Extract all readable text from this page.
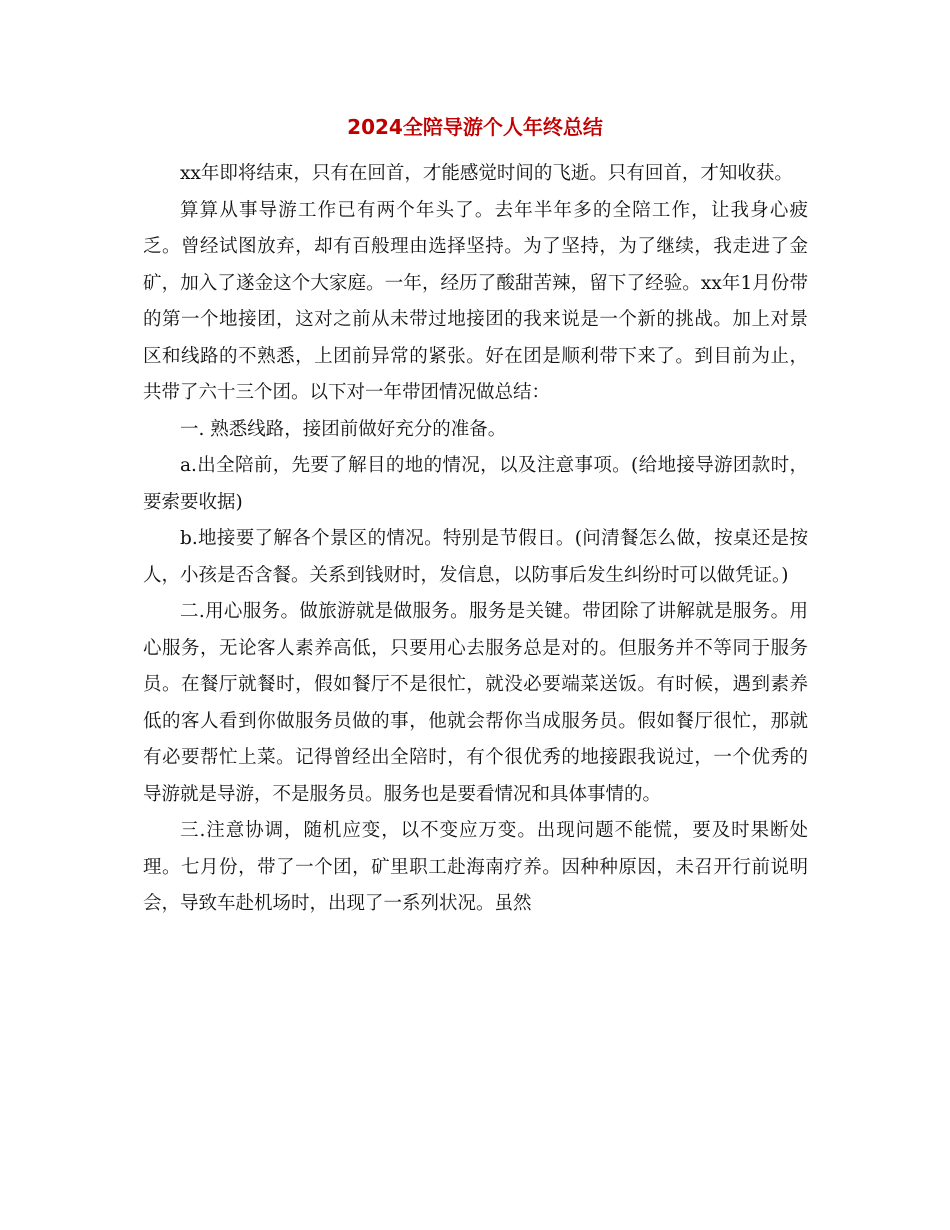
2024全陪导游个人年终总结

xx年即将结束，只有在回首，才能感觉时间的飞逝。只有回首，才知收获。

算算从事导游工作已有两个年头了。去年半年多的全陪工作，让我身心疲乏。曾经试图放弃，却有百般理由选择坚持。为了坚持，为了继续，我走进了金矿，加入了遂金这个大家庭。一年，经历了酸甜苦辣，留下了经验。xx年1月份带的第一个地接团，这对之前从未带过地接团的我来说是一个新的挑战。加上对景区和线路的不熟悉，上团前异常的紧张。好在团是顺利带下来了。到目前为止，共带了六十三个团。以下对一年带团情况做总结：

一. 熟悉线路，接团前做好充分的准备。

a.出全陪前，先要了解目的地的情况，以及注意事项。(给地接导游团款时，要索要收据)

b.地接要了解各个景区的情况。特别是节假日。(问清餐怎么做，按桌还是按人，小孩是否含餐。关系到钱财时，发信息，以防事后发生纠纷时可以做凭证。)

二.用心服务。做旅游就是做服务。服务是关键。带团除了讲解就是服务。用心服务，无论客人素养高低，只要用心去服务总是对的。但服务并不等同于服务员。在餐厅就餐时，假如餐厅不是很忙，就没必要端菜送饭。有时候，遇到素养低的客人看到你做服务员做的事，他就会帮你当成服务员。假如餐厅很忙，那就有必要帮忙上菜。记得曾经出全陪时，有个很优秀的地接跟我说过，一个优秀的导游就是导游，不是服务员。服务也是要看情况和具体事情的。

三.注意协调，随机应变，以不变应万变。出现问题不能慌，要及时果断处理。七月份，带了一个团，矿里职工赴海南疗养。因种种原因，未召开行前说明会，导致车赴机场时，出现了一系列状况。虽然
